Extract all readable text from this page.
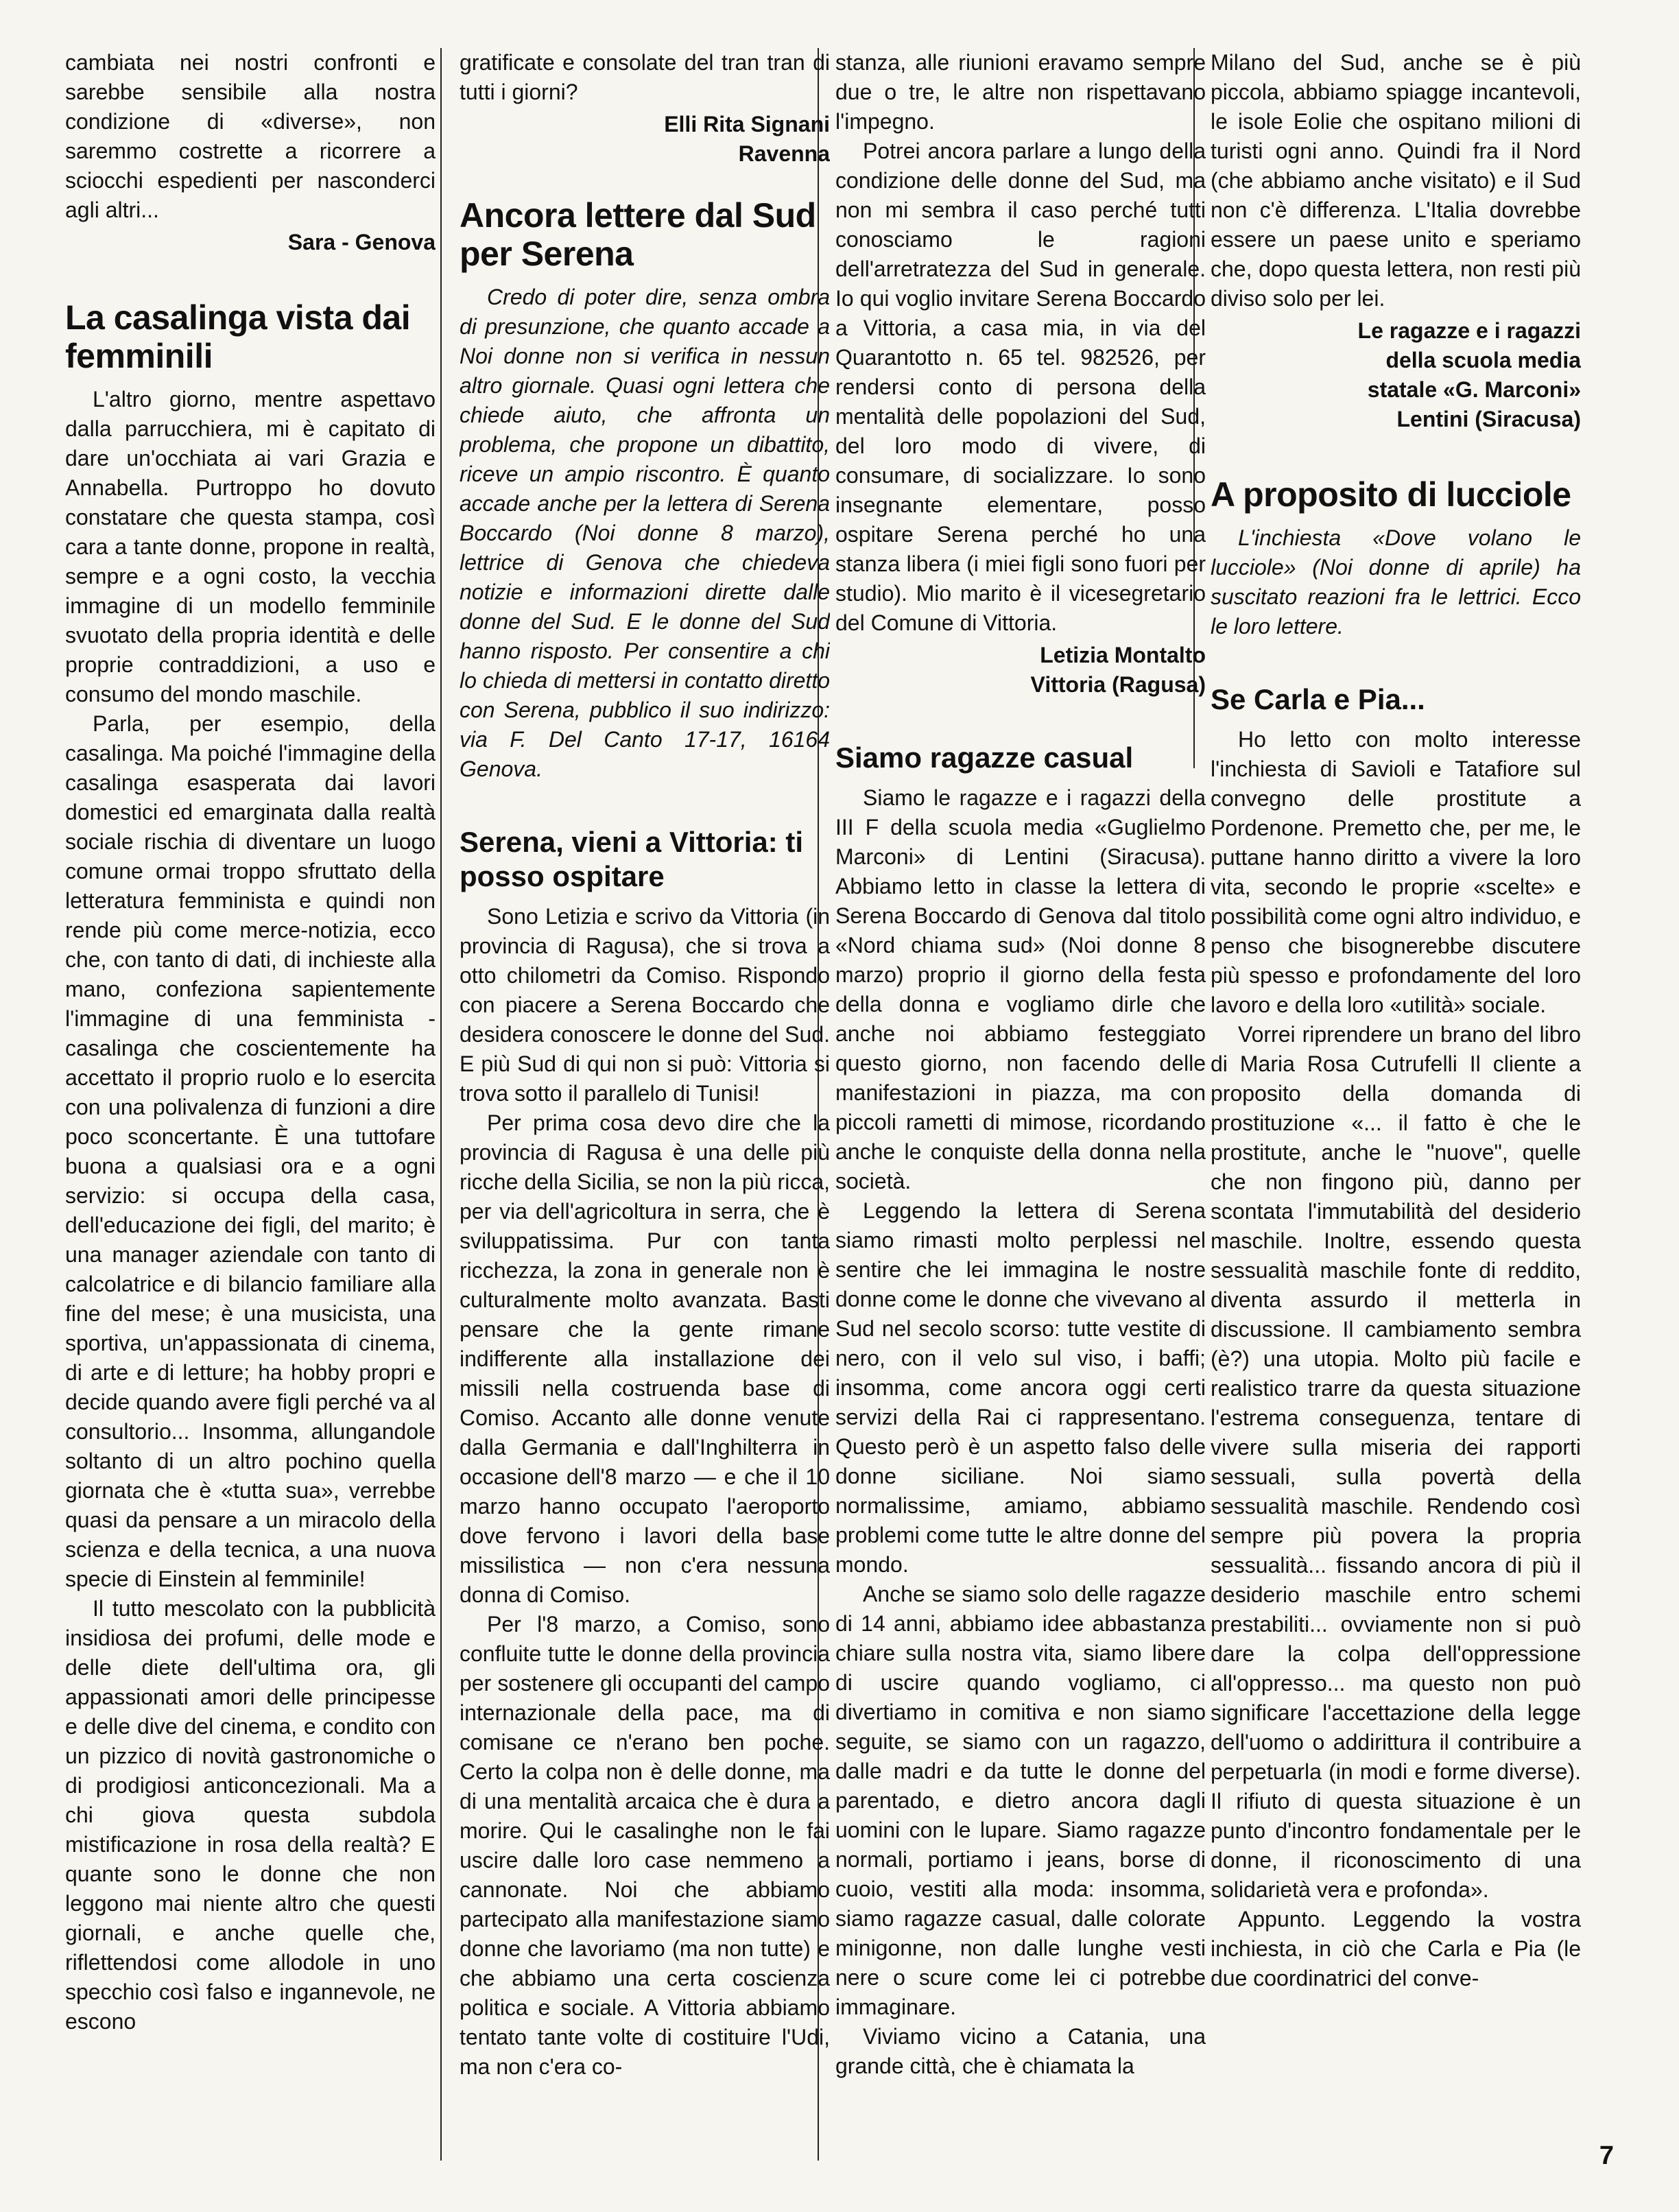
cambiata nei nostri confronti e sarebbe sensibile alla nostra condizione di «diverse», non saremmo costrette a ricorrere a sciocchi espedienti per nasconderci agli altri...

Sara - Genova
La casalinga vista dai femminili

L'altro giorno, mentre aspettavo dalla parrucchiera, mi è capitato di dare un'occhiata ai vari Grazia e Annabella. Purtroppo ho dovuto constatare che questa stampa, così cara a tante donne, propone in realtà, sempre e a ogni costo, la vecchia immagine di un modello femminile svuotato della propria identità e delle proprie contraddizioni, a uso e consumo del mondo maschile.

Parla, per esempio, della casalinga. Ma poiché l'immagine della casalinga esasperata dai lavori domestici ed emarginata dalla realtà sociale rischia di diventare un luogo comune ormai troppo sfruttato della letteratura femminista e quindi non rende più come merce-notizia, ecco che, con tanto di dati, di inchieste alla mano, confeziona sapientemente l'immagine di una femminista - casalinga che coscientemente ha accettato il proprio ruolo e lo esercita con una polivalenza di funzioni a dire poco sconcertante. È una tuttofare buona a qualsiasi ora e a ogni servizio: si occupa della casa, dell'educazione dei figli, del marito; è una manager aziendale con tanto di calcolatrice e di bilancio familiare alla fine del mese; è una musicista, una sportiva, un'appassionata di cinema, di arte e di letture; ha hobby propri e decide quando avere figli perché va al consultorio... Insomma, allungandole soltanto di un altro pochino quella giornata che è «tutta sua», verrebbe quasi da pensare a un miracolo della scienza e della tecnica, a una nuova specie di Einstein al femminile!

Il tutto mescolato con la pubblicità insidiosa dei profumi, delle mode e delle diete dell'ultima ora, gli appassionati amori delle principesse e delle dive del cinema, e condito con un pizzico di novità gastronomiche o di prodigiosi anticoncezionali. Ma a chi giova questa subdola mistificazione in rosa della realtà? E quante sono le donne che non leggono mai niente altro che questi giornali, e anche quelle che, riflettendosi come allodole in uno specchio così falso e ingannevole, ne escono

gratificate e consolate del tran tran di tutti i giorni?

Elli Rita Signani
Ravenna
Ancora lettere dal Sud per Serena

Credo di poter dire, senza ombra di presunzione, che quanto accade a Noi donne non si verifica in nessun altro giornale. Quasi ogni lettera che chiede aiuto, che affronta un problema, che propone un dibattito, riceve un ampio riscontro. È quanto accade anche per la lettera di Serena Boccardo (Noi donne 8 marzo), lettrice di Genova che chiedeva notizie e informazioni dirette dalle donne del Sud. E le donne del Sud hanno risposto. Per consentire a chi lo chieda di mettersi in contatto diretto con Serena, pubblico il suo indirizzo: via F. Del Canto 17-17, 16164 Genova.

Serena, vieni a Vittoria: ti posso ospitare

Sono Letizia e scrivo da Vittoria (in provincia di Ragusa), che si trova a otto chilometri da Comiso. Rispondo con piacere a Serena Boccardo che desidera conoscere le donne del Sud. E più Sud di qui non si può: Vittoria si trova sotto il parallelo di Tunisi!

Per prima cosa devo dire che la provincia di Ragusa è una delle più ricche della Sicilia, se non la più ricca, per via dell'agricoltura in serra, che è sviluppatissima. Pur con tanta ricchezza, la zona in generale non è culturalmente molto avanzata. Basti pensare che la gente rimane indifferente alla installazione dei missili nella costruenda base di Comiso. Accanto alle donne venute dalla Germania e dall'Inghilterra in occasione dell'8 marzo — e che il 10 marzo hanno occupato l'aeroporto dove fervono i lavori della base missilistica — non c'era nessuna donna di Comiso.

Per l'8 marzo, a Comiso, sono confluite tutte le donne della provincia per sostenere gli occupanti del campo internazionale della pace, ma di comisane ce n'erano ben poche. Certo la colpa non è delle donne, ma di una mentalità arcaica che è dura a morire. Qui le casalinghe non le fai uscire dalle loro case nemmeno a cannonate. Noi che abbiamo partecipato alla manifestazione siamo donne che lavoriamo (ma non tutte) e che abbiamo una certa coscienza politica e sociale. A Vittoria abbiamo tentato tante volte di costituire l'Udi, ma non c'era co-

stanza, alle riunioni eravamo sempre due o tre, le altre non rispettavano l'impegno.

Potrei ancora parlare a lungo della condizione delle donne del Sud, ma non mi sembra il caso perché tutti conosciamo le ragioni dell'arretratezza del Sud in generale. Io qui voglio invitare Serena Boccardo a Vittoria, a casa mia, in via del Quarantotto n. 65 tel. 982526, per rendersi conto di persona della mentalità delle popolazioni del Sud, del loro modo di vivere, di consumare, di socializzare. Io sono insegnante elementare, posso ospitare Serena perché ho una stanza libera (i miei figli sono fuori per studio). Mio marito è il vicesegretario del Comune di Vittoria.

Letizia Montalto
Vittoria (Ragusa)
Siamo ragazze casual

Siamo le ragazze e i ragazzi della III F della scuola media «Guglielmo Marconi» di Lentini (Siracusa). Abbiamo letto in classe la lettera di Serena Boccardo di Genova dal titolo «Nord chiama sud» (Noi donne 8 marzo) proprio il giorno della festa della donna e vogliamo dirle che anche noi abbiamo festeggiato questo giorno, non facendo delle manifestazioni in piazza, ma con piccoli rametti di mimose, ricordando anche le conquiste della donna nella società.

Leggendo la lettera di Serena siamo rimasti molto perplessi nel sentire che lei immagina le nostre donne come le donne che vivevano al Sud nel secolo scorso: tutte vestite di nero, con il velo sul viso, i baffi; insomma, come ancora oggi certi servizi della Rai ci rappresentano. Questo però è un aspetto falso delle donne siciliane. Noi siamo normalissime, amiamo, abbiamo problemi come tutte le altre donne del mondo.

Anche se siamo solo delle ragazze di 14 anni, abbiamo idee abbastanza chiare sulla nostra vita, siamo libere di uscire quando vogliamo, ci divertiamo in comitiva e non siamo seguite, se siamo con un ragazzo, dalle madri e da tutte le donne del parentado, e dietro ancora dagli uomini con le lupare. Siamo ragazze normali, portiamo i jeans, borse di cuoio, vestiti alla moda: insomma, siamo ragazze casual, dalle colorate minigonne, non dalle lunghe vesti nere o scure come lei ci potrebbe immaginare.

Viviamo vicino a Catania, una grande città, che è chiamata la

Milano del Sud, anche se è più piccola, abbiamo spiagge incantevoli, le isole Eolie che ospitano milioni di turisti ogni anno. Quindi fra il Nord (che abbiamo anche visitato) e il Sud non c'è differenza. L'Italia dovrebbe essere un paese unito e speriamo che, dopo questa lettera, non resti più diviso solo per lei.

Le ragazze e i ragazzi
della scuola media
statale «G. Marconi»
Lentini (Siracusa)
A proposito di lucciole

L'inchiesta «Dove volano le lucciole» (Noi donne di aprile) ha suscitato reazioni fra le lettrici. Ecco le loro lettere.

Se Carla e Pia...

Ho letto con molto interesse l'inchiesta di Savioli e Tatafiore sul convegno delle prostitute a Pordenone. Premetto che, per me, le puttane hanno diritto a vivere la loro vita, secondo le proprie «scelte» e possibilità come ogni altro individuo, e penso che bisognerebbe discutere più spesso e profondamente del loro lavoro e della loro «utilità» sociale.

Vorrei riprendere un brano del libro di Maria Rosa Cutrufelli Il cliente a proposito della domanda di prostituzione «... il fatto è che le prostitute, anche le "nuove", quelle che non fingono più, danno per scontata l'immutabilità del desiderio maschile. Inoltre, essendo questa sessualità maschile fonte di reddito, diventa assurdo il metterla in discussione. Il cambiamento sembra (è?) una utopia. Molto più facile e realistico trarre da questa situazione l'estrema conseguenza, tentare di vivere sulla miseria dei rapporti sessuali, sulla povertà della sessualità maschile. Rendendo così sempre più povera la propria sessualità... fissando ancora di più il desiderio maschile entro schemi prestabiliti... ovviamente non si può dare la colpa dell'oppressione all'oppresso... ma questo non può significare l'accettazione della legge dell'uomo o addirittura il contribuire a perpetuarla (in modi e forme diverse). Il rifiuto di questa situazione è un punto d'incontro fondamentale per le donne, il riconoscimento di una solidarietà vera e profonda».

Appunto. Leggendo la vostra inchiesta, in ciò che Carla e Pia (le due coordinatrici del conve-

7
